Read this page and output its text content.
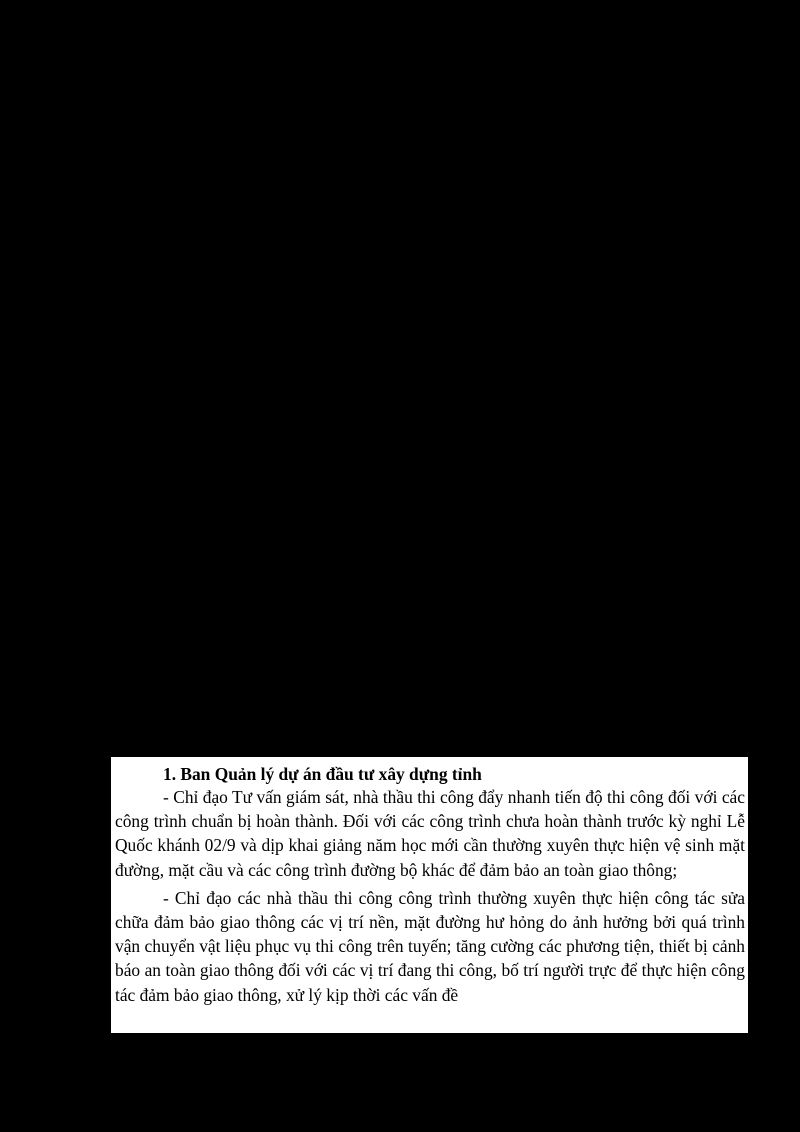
1. Ban Quản lý dự án đầu tư xây dựng tỉnh

- Chỉ đạo Tư vấn giám sát, nhà thầu thi công đẩy nhanh tiến độ thi công đối với các công trình chuẩn bị hoàn thành. Đối với các công trình chưa hoàn thành trước kỳ nghỉ Lễ Quốc khánh 02/9 và dịp khai giảng năm học mới cần thường xuyên thực hiện vệ sinh mặt đường, mặt cầu và các công trình đường bộ khác để đảm bảo an toàn giao thông;

- Chỉ đạo các nhà thầu thi công công trình thường xuyên thực hiện công tác sửa chữa đảm bảo giao thông các vị trí nền, mặt đường hư hỏng do ảnh hưởng bởi quá trình vận chuyển vật liệu phục vụ thi công trên tuyến; tăng cường các phương tiện, thiết bị cảnh báo an toàn giao thông đối với các vị trí đang thi công, bố trí người trực để thực hiện công tác đảm bảo giao thông, xử lý kịp thời các vấn đề
